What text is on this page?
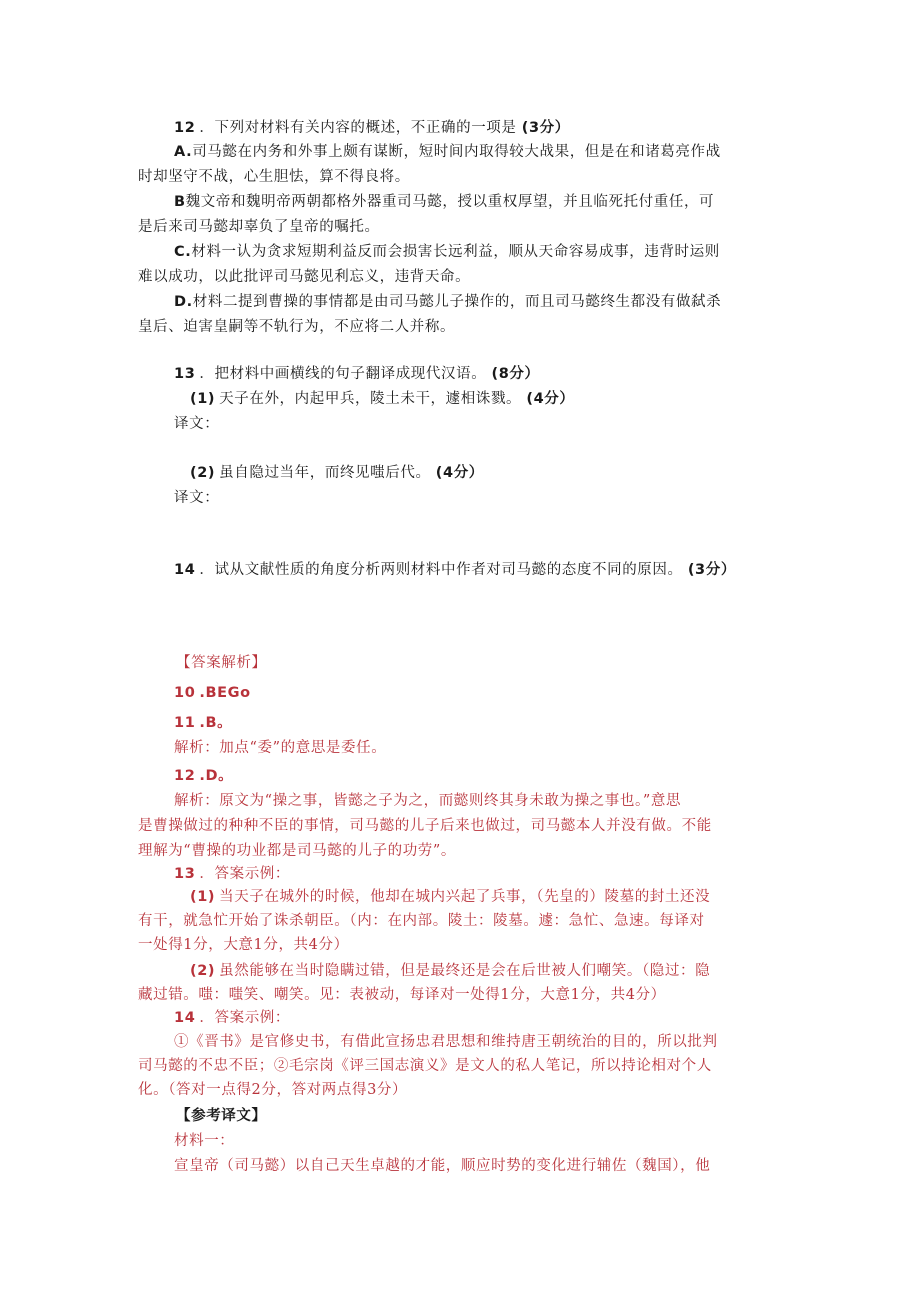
12 ．下列对材料有关内容的概述，不正确的一项是 (3分）
A.司马懿在内务和外事上颇有谋断，短时间内取得较大战果，但是在和诸葛亮作战
时却坚守不战，心生胆怯，算不得良将。
B魏文帝和魏明帝两朝都格外器重司马懿，授以重权厚望，并且临死托付重任，可
是后来司马懿却辜负了皇帝的嘱托。
C.材料一认为贪求短期利益反而会损害长远利益，顺从天命容易成事，违背时运则
难以成功，以此批评司马懿见利忘义，违背天命。
D.材料二提到曹操的事情都是由司马懿儿子操作的，而且司马懿终生都没有做弑杀
皇后、迫害皇嗣等不轨行为，不应将二人并称。
13 ．把材料中画横线的句子翻译成现代汉语。 (8分）
(1) 天子在外，内起甲兵，陵土未干，遽相诛戮。 (4分）
译文：
(2) 虽自隐过当年，而终见嗤后代。 (4分）
译文：
14 ．试从文献性质的角度分析两则材料中作者对司马懿的态度不同的原因。 (3分）
【答案解析】
10 .BEGo
11 .B。
解析：加点“委”的意思是委任。
12 .D。
解析：原文为“操之事，皆懿之子为之，而懿则终其身未敢为操之事也。”意思
是曹操做过的种种不臣的事情，司马懿的儿子后来也做过，司马懿本人并没有做。不能
理解为“曹操的功业都是司马懿的儿子的功劳”。
13 ．答案示例：
(1) 当天子在城外的时候，他却在城内兴起了兵事，（先皇的）陵墓的封土还没
有干，就急忙开始了诛杀朝臣。（内：在内部。陵土：陵墓。遽：急忙、急速。每译对
一处得1分，大意1分，共4分）
(2) 虽然能够在当时隐瞒过错，但是最终还是会在后世被人们嘲笑。（隐过：隐
藏过错。嗤：嗤笑、嘲笑。见：表被动，每译对一处得1分，大意1分，共4分）
14 ．答案示例：
①《晋书》是官修史书，有借此宣扬忠君思想和维持唐王朝统治的目的，所以批判
司马懿的不忠不臣；②毛宗岗《评三国志演义》是文人的私人笔记，所以持论相对个人
化。（答对一点得2分，答对两点得3分）
【参考译文】
材料一：
宣皇帝（司马懿）以自己天生卓越的才能，顺应时势的变化进行辅佐（魏国），他
